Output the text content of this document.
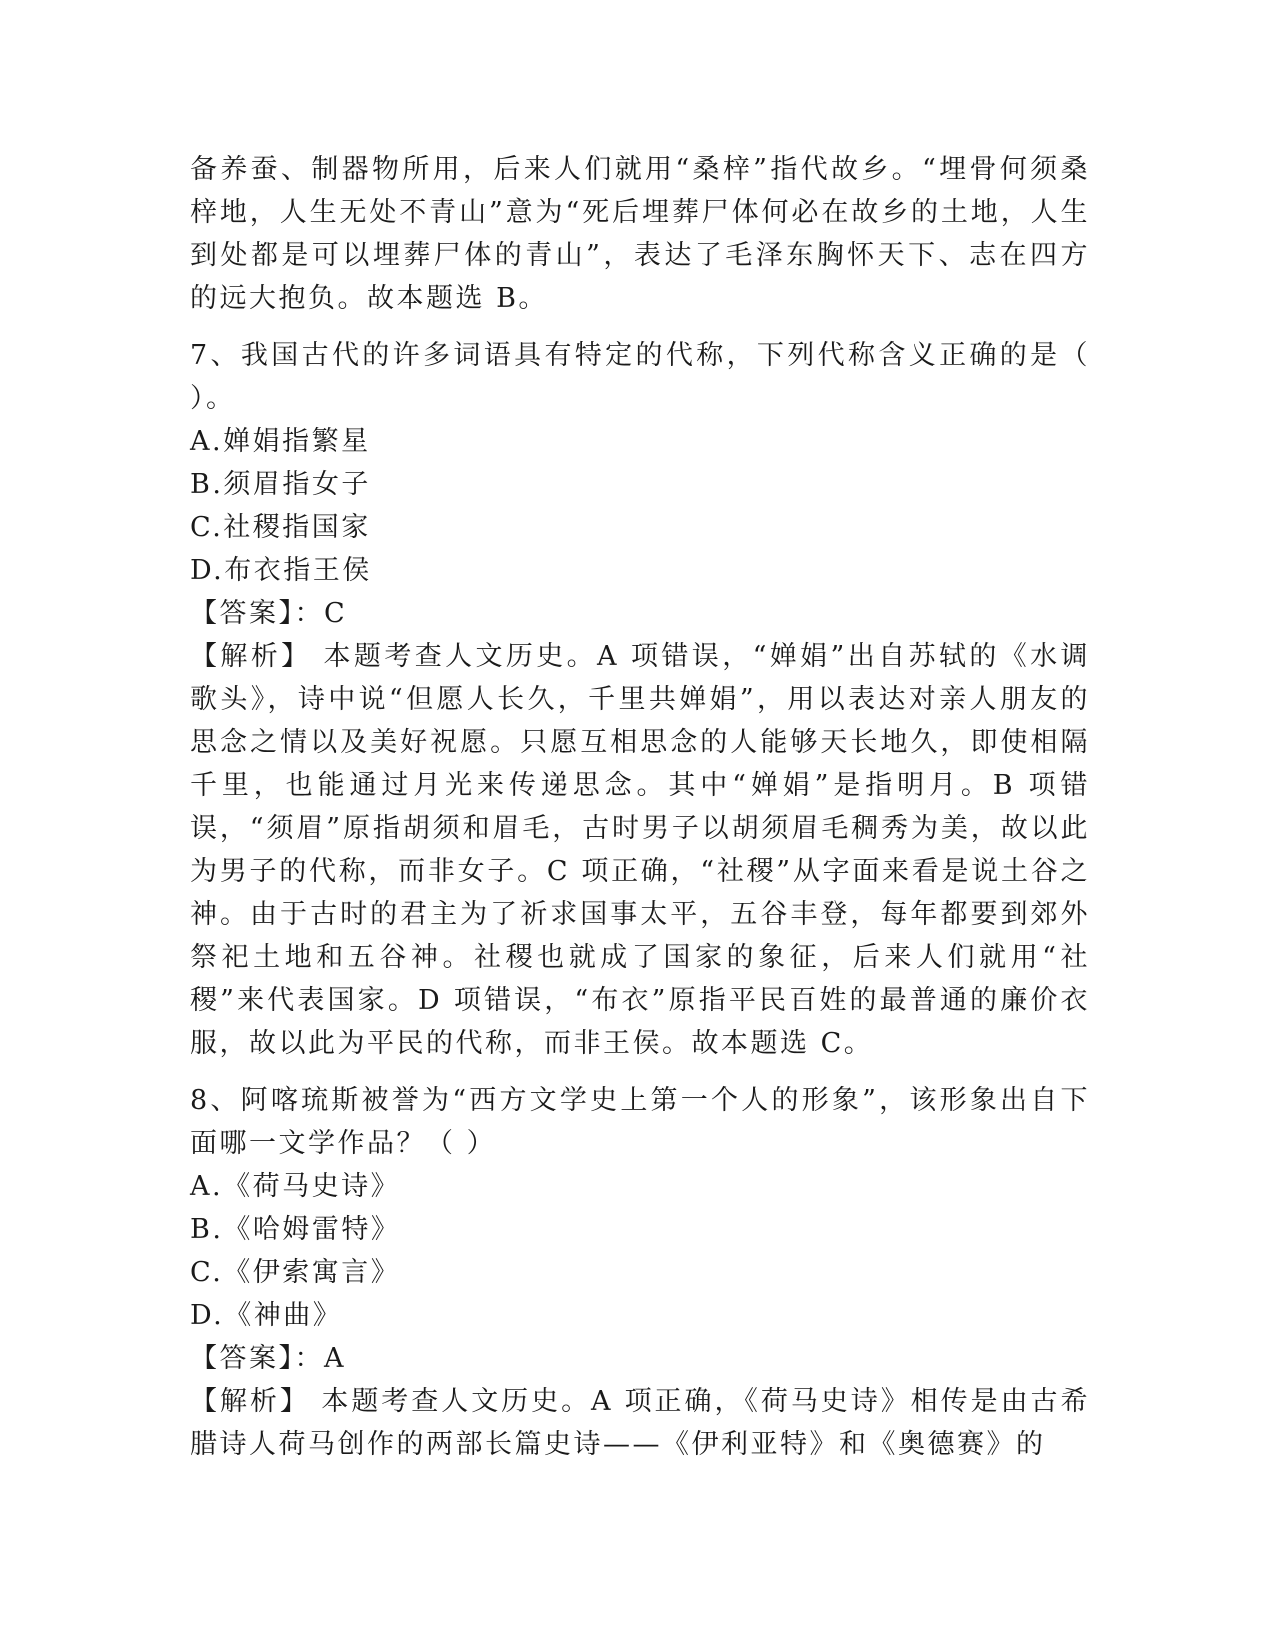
备养蚕、制器物所用，后来人们就用“桑梓”指代故乡。“埋骨何须桑梓地，人生无处不青山”意为“死后埋葬尸体何必在故乡的土地，人生到处都是可以埋葬尸体的青山”，表达了毛泽东胸怀天下、志在四方的远大抱负。故本题选 B。

7、我国古代的许多词语具有特定的代称，下列代称含义正确的是（ ）。

A.婵娟指繁星

B.须眉指女子

C.社稷指国家

D.布衣指王侯

【答案】：C

【解析】 本题考查人文历史。A 项错误，“婵娟”出自苏轼的《水调歌头》，诗中说“但愿人长久，千里共婵娟”，用以表达对亲人朋友的思念之情以及美好祝愿。只愿互相思念的人能够天长地久，即使相隔千里，也能通过月光来传递思念。其中“婵娟”是指明月。B 项错误，“须眉”原指胡须和眉毛，古时男子以胡须眉毛稠秀为美，故以此为男子的代称，而非女子。C 项正确，“社稷”从字面来看是说土谷之神。由于古时的君主为了祈求国事太平，五谷丰登，每年都要到郊外祭祀土地和五谷神。社稷也就成了国家的象征，后来人们就用“社稷”来代表国家。D 项错误，“布衣”原指平民百姓的最普通的廉价衣服，故以此为平民的代称，而非王侯。故本题选 C。

8、阿喀琉斯被誉为“西方文学史上第一个人的形象”，该形象出自下面哪一文学作品？（ ）

A.《荷马史诗》

B.《哈姆雷特》

C.《伊索寓言》

D.《神曲》

【答案】：A

【解析】 本题考查人文历史。A 项正确，《荷马史诗》相传是由古希腊诗人荷马创作的两部长篇史诗——《伊利亚特》和《奥德赛》的
